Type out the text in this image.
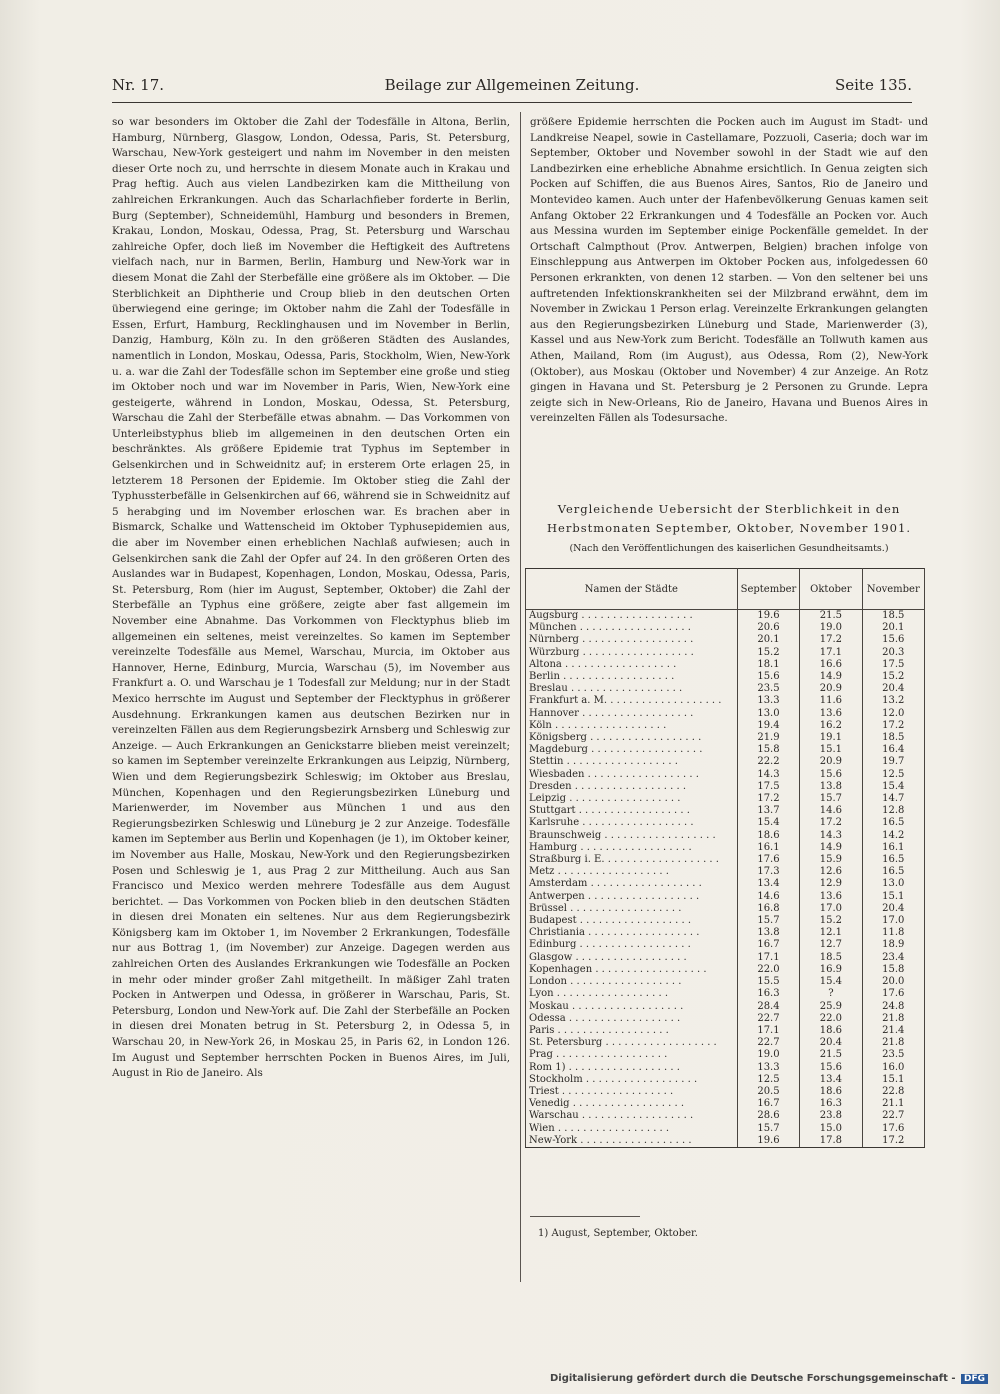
Beilage zur Allgemeinen Zeitung.
Nr. 17.	Seite 135.

so war besonders im Oktober die Zahl der Todesfälle in Altona, Berlin, Hamburg, Nürnberg, Glasgow, London, Odessa, Paris, St. Petersburg, Warschau, New-York gesteigert und nahm im November in den meisten dieser Orte noch zu, und herrschte in diesem Monate auch in Krakau und Prag heftig. Auch aus vielen Landbezirken kam die Mittheilung von zahlreichen Erkrankungen. Auch das Scharlachfieber forderte in Berlin, Burg (September), Schneidemühl, Hamburg und besonders in Bremen, Krakau, London, Moskau, Odessa, Prag, St. Petersburg und Warschau zahlreiche Opfer, doch ließ im November die Heftigkeit des Auftretens vielfach nach, nur in Barmen, Berlin, Hamburg und New-York war in diesem Monat die Zahl der Sterbefälle eine größere als im Oktober. — Die Sterblichkeit an Diphtherie und Croup blieb in den deutschen Orten überwiegend eine geringe; im Oktober nahm die Zahl der Todesfälle in Essen, Erfurt, Hamburg, Recklinghausen und im November in Berlin, Danzig, Hamburg, Köln zu. In den größeren Städten des Auslandes, namentlich in London, Moskau, Odessa, Paris, Stockholm, Wien, New-York u. a. war die Zahl der Todesfälle schon im September eine große und stieg im Oktober noch und war im November in Paris, Wien, New-York eine gesteigerte, während in London, Moskau, Odessa, St. Petersburg, Warschau die Zahl der Sterbefälle etwas abnahm. — Das Vorkommen von Unterleibstyphus blieb im allgemeinen in den deutschen Orten ein beschränktes. Als größere Epidemie trat Typhus im September in Gelsenkirchen und in Schweidnitz auf; in ersterem Orte erlagen 25, in letzterem 18 Personen der Epidemie. Im Oktober stieg die Zahl der Typhussterbefälle in Gelsenkirchen auf 66, während sie in Schweidnitz auf 5 herabging und im November erloschen war. Es brachen aber in Bismarck, Schalke und Wattenscheid im Oktober Typhusepidemien aus, die aber im November einen erheblichen Nachlaß aufwiesen; auch in Gelsenkirchen sank die Zahl der Opfer auf 24. In den größeren Orten des Auslandes war in Budapest, Kopenhagen, London, Moskau, Odessa, Paris, St. Petersburg, Rom (hier im August, September, Oktober) die Zahl der Sterbefälle an Typhus eine größere, zeigte aber fast allgemein im November eine Abnahme. Das Vorkommen von Flecktyphus blieb im allgemeinen ein seltenes, meist vereinzeltes. So kamen im September vereinzelte Todesfälle aus Memel, Warschau, Murcia, im Oktober aus Hannover, Herne, Edinburg, Murcia, Warschau (5), im November aus Frankfurt a. O. und Warschau je 1 Todesfall zur Meldung; nur in der Stadt Mexico herrschte im August und September der Flecktyphus in größerer Ausdehnung. Erkrankungen kamen aus deutschen Bezirken nur in vereinzelten Fällen aus dem Regierungsbezirk Arnsberg und Schleswig zur Anzeige. — Auch Erkrankungen an Genickstarre blieben meist vereinzelt; so kamen im September vereinzelte Erkrankungen aus Leipzig, Nürnberg, Wien und dem Regierungsbezirk Schleswig; im Oktober aus Breslau, München, Kopenhagen und den Regierungsbezirken Lüneburg und Marienwerder, im November aus München 1 und aus den Regierungsbezirken Schleswig und Lüneburg je 2 zur Anzeige. Todesfälle kamen im September aus Berlin und Kopenhagen (je 1), im Oktober keiner, im November aus Halle, Moskau, New-York und den Regierungsbezirken Posen und Schleswig je 1, aus Prag 2 zur Mittheilung. Auch aus San Francisco und Mexico werden mehrere Todesfälle aus dem August berichtet. — Das Vorkommen von Pocken blieb in den deutschen Städten in diesen drei Monaten ein seltenes. Nur aus dem Regierungsbezirk Königsberg kam im Oktober 1, im November 2 Erkrankungen, Todesfälle nur aus Bottrag 1, (im November) zur Anzeige. Dagegen werden aus zahlreichen Orten des Auslandes Erkrankungen wie Todesfälle an Pocken in mehr oder minder großer Zahl mitgetheilt. In mäßiger Zahl traten Pocken in Antwerpen und Odessa, in größerer in Warschau, Paris, St. Petersburg, London und New-York auf. Die Zahl der Sterbefälle an Pocken in diesen drei Monaten betrug in St. Petersburg 2, in Odessa 5, in Warschau 20, in New-York 26, in Moskau 25, in Paris 62, in London 126. Im August und September herrschten Pocken in Buenos Aires, im Juli, August in Rio de Janeiro. Als

größere Epidemie herrschten die Pocken auch im August im Stadt- und Landkreise Neapel, sowie in Castellamare, Pozzuoli, Caseria; doch war im September, Oktober und November sowohl in der Stadt wie auf den Landbezirken eine erhebliche Abnahme ersichtlich. In Genua zeigten sich Pocken auf Schiffen, die aus Buenos Aires, Santos, Rio de Janeiro und Montevideo kamen. Auch unter der Hafenbevölkerung Genuas kamen seit Anfang Oktober 22 Erkrankungen und 4 Todesfälle an Pocken vor. Auch aus Messina wurden im September einige Pockenfälle gemeldet. In der Ortschaft Calmpthout (Prov. Antwerpen, Belgien) brachen infolge von Einschleppung aus Antwerpen im Oktober Pocken aus, infolgedessen 60 Personen erkrankten, von denen 12 starben. — Von den seltener bei uns auftretenden Infektionskrankheiten sei der Milzbrand erwähnt, dem im November in Zwickau 1 Person erlag. Vereinzelte Erkrankungen gelangten aus den Regierungsbezirken Lüneburg und Stade, Marienwerder (3), Kassel und aus New-York zum Bericht. Todesfälle an Tollwuth kamen aus Athen, Mailand, Rom (im August), aus Odessa, Rom (2), New-York (Oktober), aus Moskau (Oktober und November) 4 zur Anzeige. An Rotz gingen in Havana und St. Petersburg je 2 Personen zu Grunde. Lepra zeigte sich in New-Orleans, Rio de Janeiro, Havana und Buenos Aires in vereinzelten Fällen als Todesursache.

Vergleichende Uebersicht der Sterblichkeit in den
Herbstmonaten September, Oktober, November 1901.
(Nach den Veröffentlichungen des kaiserlichen Gesundheitsamts.)
Namen der Städte	September	Oktober	November
Augsburg . . . . . . . . . . . . . . . . . .	19.6	21.5	18.5
München . . . . . . . . . . . . . . . . . .	20.6	19.0	20.1
Nürnberg . . . . . . . . . . . . . . . . . .	20.1	17.2	15.6
Würzburg . . . . . . . . . . . . . . . . . .	15.2	17.1	20.3
Altona . . . . . . . . . . . . . . . . . .	18.1	16.6	17.5
Berlin . . . . . . . . . . . . . . . . . .	15.6	14.9	15.2
Breslau . . . . . . . . . . . . . . . . . .	23.5	20.9	20.4
Frankfurt a. M. . . . . . . . . . . . . . . . . . .	13.3	11.6	13.2
Hannover . . . . . . . . . . . . . . . . . .	13.0	13.6	12.0
Köln . . . . . . . . . . . . . . . . . .	19.4	16.2	17.2
Königsberg . . . . . . . . . . . . . . . . . .	21.9	19.1	18.5
Magdeburg . . . . . . . . . . . . . . . . . .	15.8	15.1	16.4
Stettin . . . . . . . . . . . . . . . . . .	22.2	20.9	19.7
Wiesbaden . . . . . . . . . . . . . . . . . .	14.3	15.6	12.5
Dresden . . . . . . . . . . . . . . . . . .	17.5	13.8	15.4
Leipzig . . . . . . . . . . . . . . . . . .	17.2	15.7	14.7
Stuttgart . . . . . . . . . . . . . . . . . .	13.7	14.6	12.8
Karlsruhe . . . . . . . . . . . . . . . . . .	15.4	17.2	16.5
Braunschweig . . . . . . . . . . . . . . . . . .	18.6	14.3	14.2
Hamburg . . . . . . . . . . . . . . . . . .	16.1	14.9	16.1
Straßburg i. E. . . . . . . . . . . . . . . . . . .	17.6	15.9	16.5
Metz . . . . . . . . . . . . . . . . . .	17.3	12.6	16.5
Amsterdam . . . . . . . . . . . . . . . . . .	13.4	12.9	13.0
Antwerpen . . . . . . . . . . . . . . . . . .	14.6	13.6	15.1
Brüssel . . . . . . . . . . . . . . . . . .	16.8	17.0	20.4
Budapest . . . . . . . . . . . . . . . . . .	15.7	15.2	17.0
Christiania . . . . . . . . . . . . . . . . . .	13.8	12.1	11.8
Edinburg . . . . . . . . . . . . . . . . . .	16.7	12.7	18.9
Glasgow . . . . . . . . . . . . . . . . . .	17.1	18.5	23.4
Kopenhagen . . . . . . . . . . . . . . . . . .	22.0	16.9	15.8
London . . . . . . . . . . . . . . . . . .	15.5	15.4	20.0
Lyon . . . . . . . . . . . . . . . . . .	16.3	?	17.6
Moskau . . . . . . . . . . . . . . . . . .	28.4	25.9	24.8
Odessa . . . . . . . . . . . . . . . . . .	22.7	22.0	21.8
Paris . . . . . . . . . . . . . . . . . .	17.1	18.6	21.4
St. Petersburg . . . . . . . . . . . . . . . . . .	22.7	20.4	21.8
Prag . . . . . . . . . . . . . . . . . .	19.0	21.5	23.5
Rom 1) . . . . . . . . . . . . . . . . . .	13.3	15.6	16.0
Stockholm . . . . . . . . . . . . . . . . . .	12.5	13.4	15.1
Triest . . . . . . . . . . . . . . . . . .	20.5	18.6	22.8
Venedig . . . . . . . . . . . . . . . . . .	16.7	16.3	21.1
Warschau . . . . . . . . . . . . . . . . . .	28.6	23.8	22.7
Wien . . . . . . . . . . . . . . . . . .	15.7	15.0	17.6
New-York . . . . . . . . . . . . . . . . . .	19.6	17.8	17.2
1) August, September, Oktober.
Digitalisierung gefördert durch die Deutsche Forschungsgemeinschaft - DFG
